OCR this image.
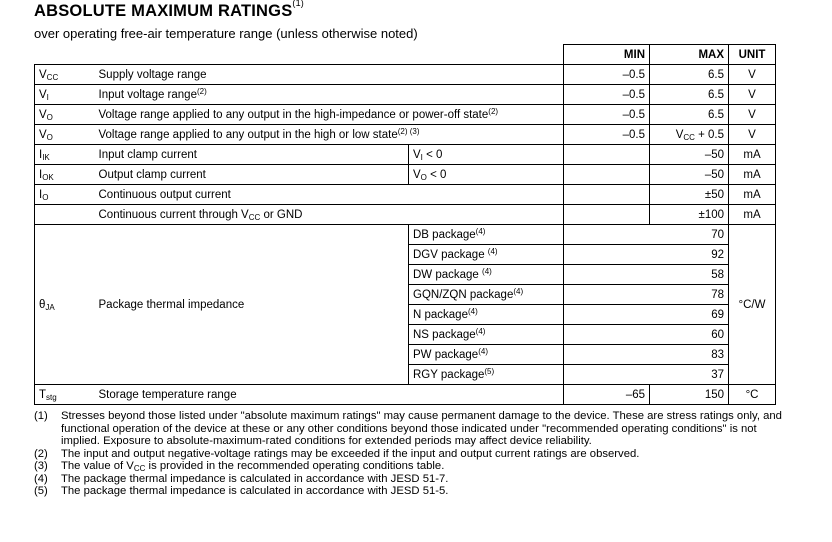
ABSOLUTE MAXIMUM RATINGS$^{(1)}$
over operating free-air temperature range (unless otherwise noted)
			MIN	MAX	UNIT
$V_{CC}$	Supply voltage range		–0.5	6.5	V
$V_I$	Input voltage range$^{(2)}$		–0.5	6.5	V
$V_O$	Voltage range applied to any output in the high-impedance or power-off state$^{(2)}$		–0.5	6.5	V
$V_O$	Voltage range applied to any output in the high or low state$^{(2) (3)}$		–0.5	$V_{CC} + 0.5$	V
$I_{IK}$	Input clamp current	$V_I < 0$		–50	mA
$I_{OK}$	Output clamp current	$V_O < 0$		–50	mA
$I_O$	Continuous output current			±50	mA
	Continuous current through $V_{CC}$ or GND			±100	mA
$\theta_{JA}$	Package thermal impedance	DB package$^{(4)}$		70	°C/W
		DGV package $^{(4)}$		92	
		DW package $^{(4)}$		58	
		GQN/ZQN package$^{(4)}$		78	
		N package$^{(4)}$		69	
		NS package$^{(4)}$		60	
		PW package$^{(4)}$		83	
		RGY package$^{(5)}$		37	
$T_{stg}$	Storage temperature range		–65	150	°C
(1)	Stresses beyond those listed under "absolute maximum ratings" may cause permanent damage to the device. These are stress ratings only, and functional operation of the device at these or any other conditions beyond those indicated under "recommended operating conditions" is not implied. Exposure to absolute-maximum-rated conditions for extended periods may affect device reliability.
(2)	The input and output negative-voltage ratings may be exceeded if the input and output current ratings are observed.
(3)	The value of $V_{CC}$ is provided in the recommended operating conditions table.
(4)	The package thermal impedance is calculated in accordance with JESD 51-7.
(5)	The package thermal impedance is calculated in accordance with JESD 51-5.
